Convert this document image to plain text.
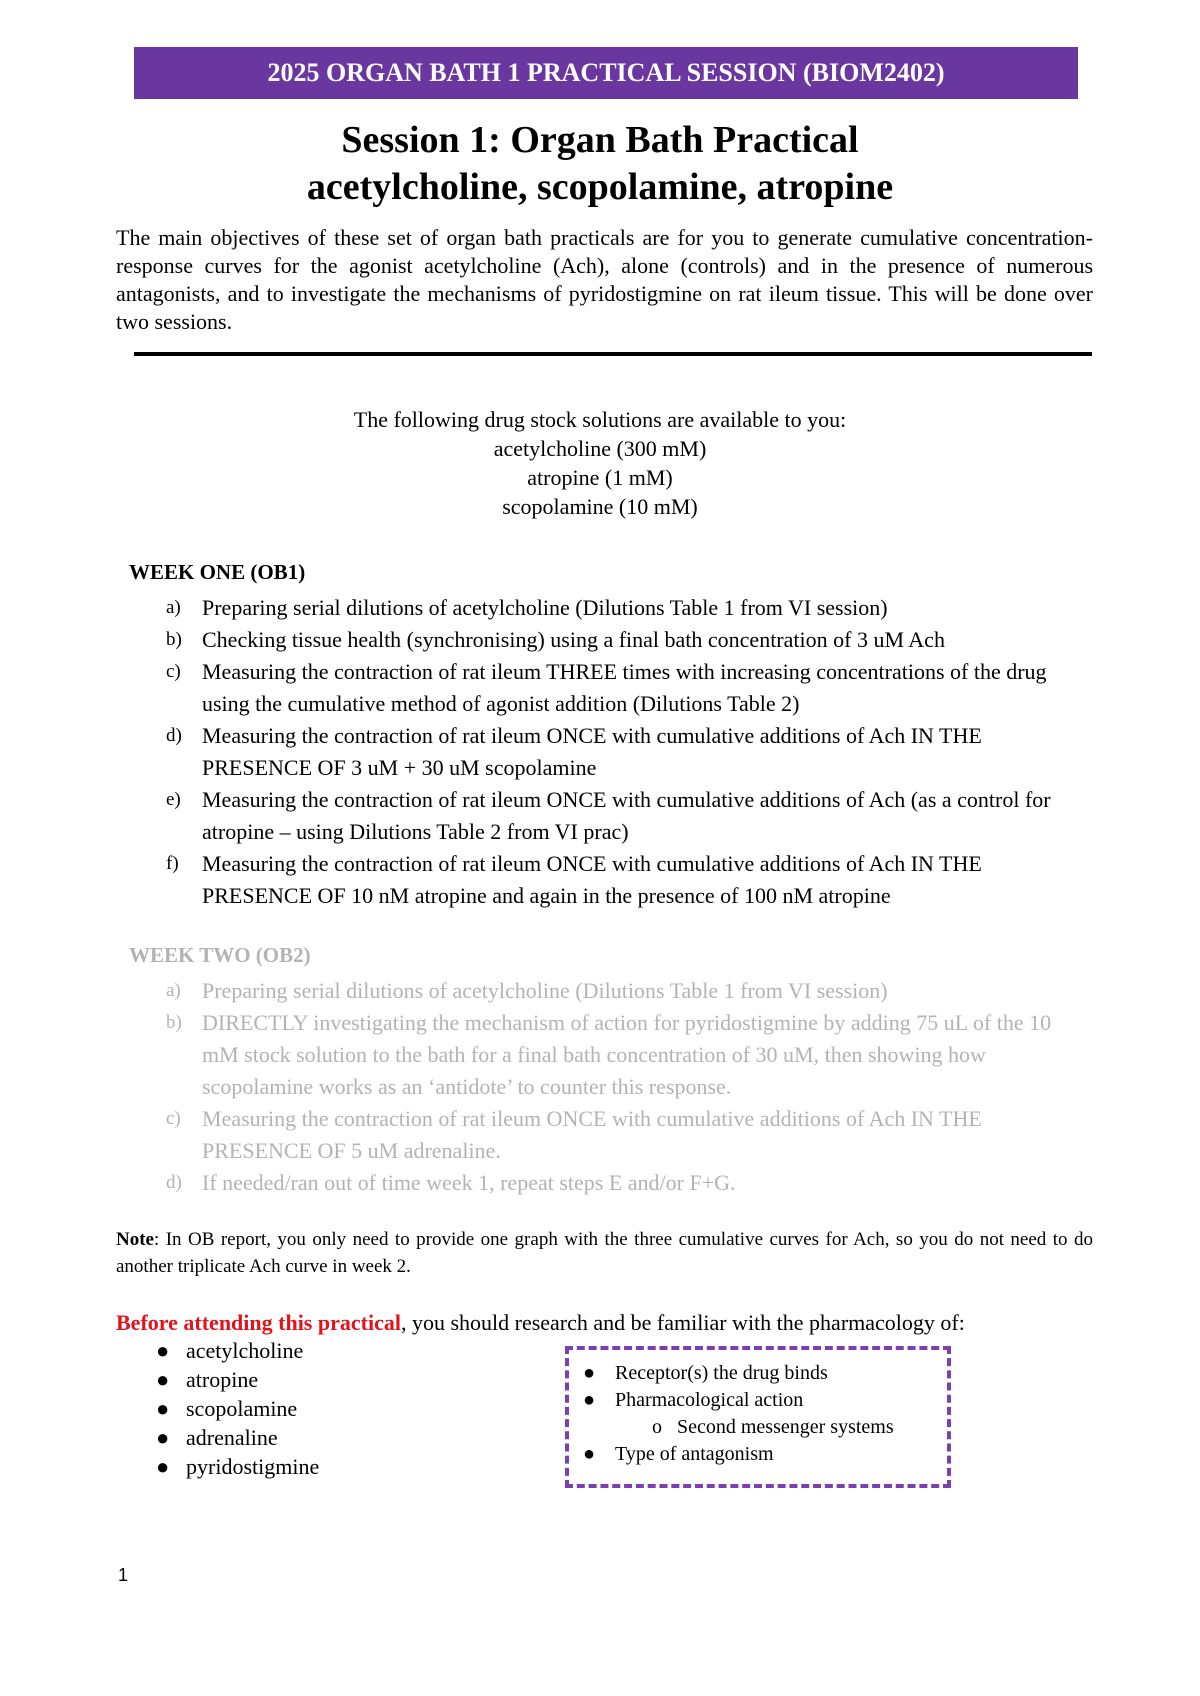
2025 ORGAN BATH 1 PRACTICAL SESSION (BIOM2402)
Session 1: Organ Bath Practical
acetylcholine, scopolamine, atropine
The main objectives of these set of organ bath practicals are for you to generate cumulative concentration-response curves for the agonist acetylcholine (Ach), alone (controls) and in the presence of numerous antagonists, and to investigate the mechanisms of pyridostigmine on rat ileum tissue. This will be done over two sessions.
The following drug stock solutions are available to you:
acetylcholine (300 mM)
atropine (1 mM)
scopolamine (10 mM)
WEEK ONE (OB1)
a) Preparing serial dilutions of acetylcholine (Dilutions Table 1 from VI session)
b) Checking tissue health (synchronising) using a final bath concentration of 3 uM Ach
c) Measuring the contraction of rat ileum THREE times with increasing concentrations of the drug using the cumulative method of agonist addition (Dilutions Table 2)
d) Measuring the contraction of rat ileum ONCE with cumulative additions of Ach IN THE PRESENCE OF 3 uM + 30 uM scopolamine
e) Measuring the contraction of rat ileum ONCE with cumulative additions of Ach (as a control for atropine – using Dilutions Table 2 from VI prac)
f) Measuring the contraction of rat ileum ONCE with cumulative additions of Ach IN THE PRESENCE OF 10 nM atropine and again in the presence of 100 nM atropine
WEEK TWO (OB2)
a) Preparing serial dilutions of acetylcholine (Dilutions Table 1 from VI session)
b) DIRECTLY investigating the mechanism of action for pyridostigmine by adding 75 uL of the 10 mM stock solution to the bath for a final bath concentration of 30 uM, then showing how scopolamine works as an ‘antidote’ to counter this response.
c) Measuring the contraction of rat ileum ONCE with cumulative additions of Ach IN THE PRESENCE OF 5 uM adrenaline.
d) If needed/ran out of time week 1, repeat steps E and/or F+G.
Note: In OB report, you only need to provide one graph with the three cumulative curves for Ach, so you do not need to do another triplicate Ach curve in week 2.
Before attending this practical, you should research and be familiar with the pharmacology of:
● acetylcholine
● atropine
● scopolamine
● adrenaline
● pyridostigmine
● Receptor(s) the drug binds
● Pharmacological action
o Second messenger systems
● Type of antagonism
1
